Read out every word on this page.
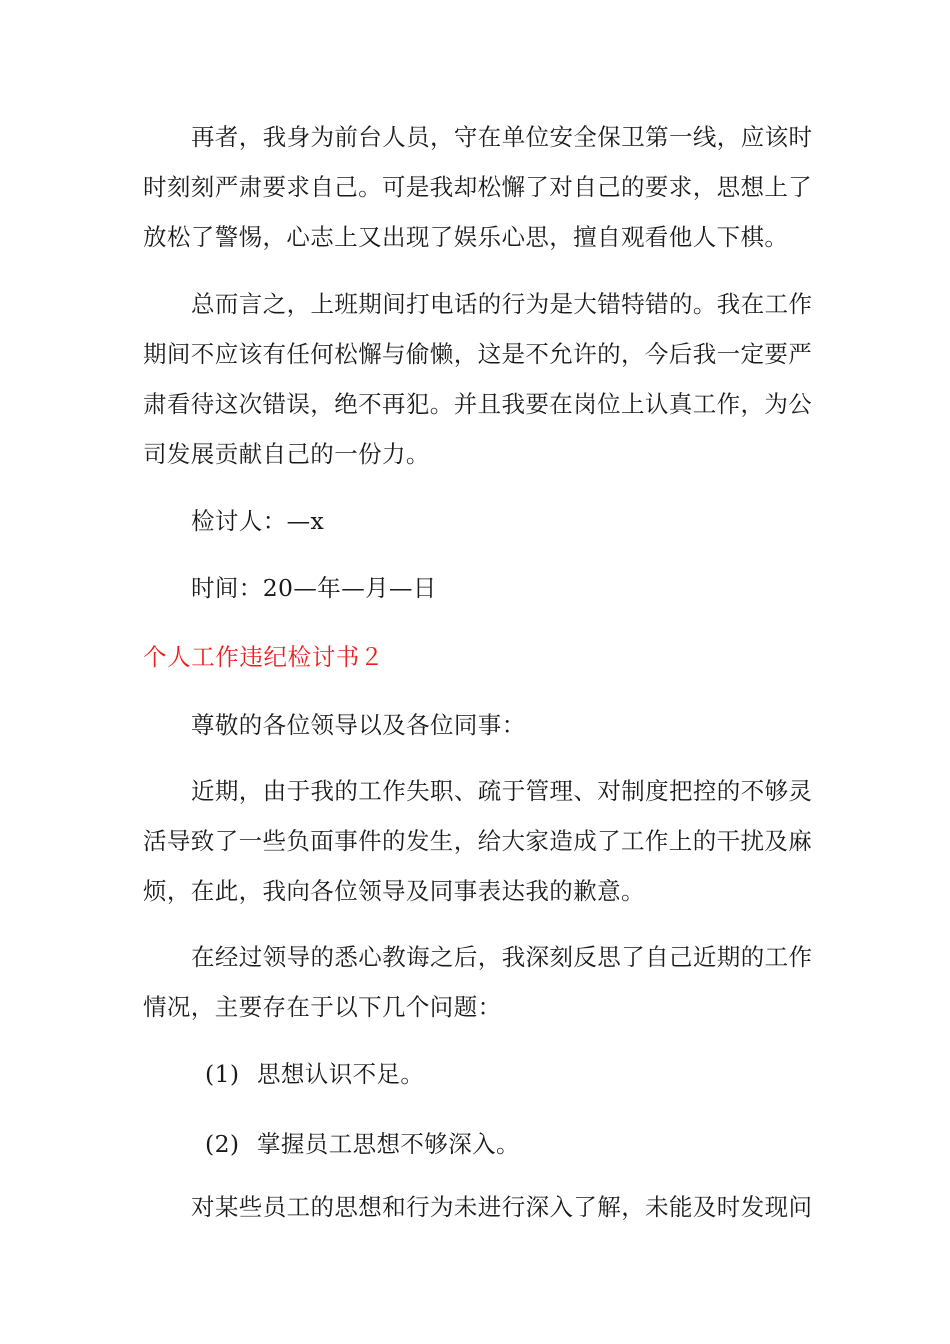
再者，我身为前台人员，守在单位安全保卫第一线，应该时
时刻刻严肃要求自己。可是我却松懈了对自己的要求，思想上了
放松了警惕，心志上又出现了娱乐心思，擅自观看他人下棋。
总而言之，上班期间打电话的行为是大错特错的。我在工作
期间不应该有任何松懈与偷懒，这是不允许的，今后我一定要严
肃看待这次错误，绝不再犯。并且我要在岗位上认真工作，为公
司发展贡献自己的一份力。
检讨人：—x
时间：20—年—月—日
个人工作违纪检讨书２
尊敬的各位领导以及各位同事：
近期，由于我的工作失职、疏于管理、对制度把控的不够灵
活导致了一些负面事件的发生，给大家造成了工作上的干扰及麻
烦，在此，我向各位领导及同事表达我的歉意。
在经过领导的悉心教诲之后，我深刻反思了自己近期的工作
情况，主要存在于以下几个问题：
(1) 思想认识不足。
(2) 掌握员工思想不够深入。
对某些员工的思想和行为未进行深入了解，未能及时发现问
